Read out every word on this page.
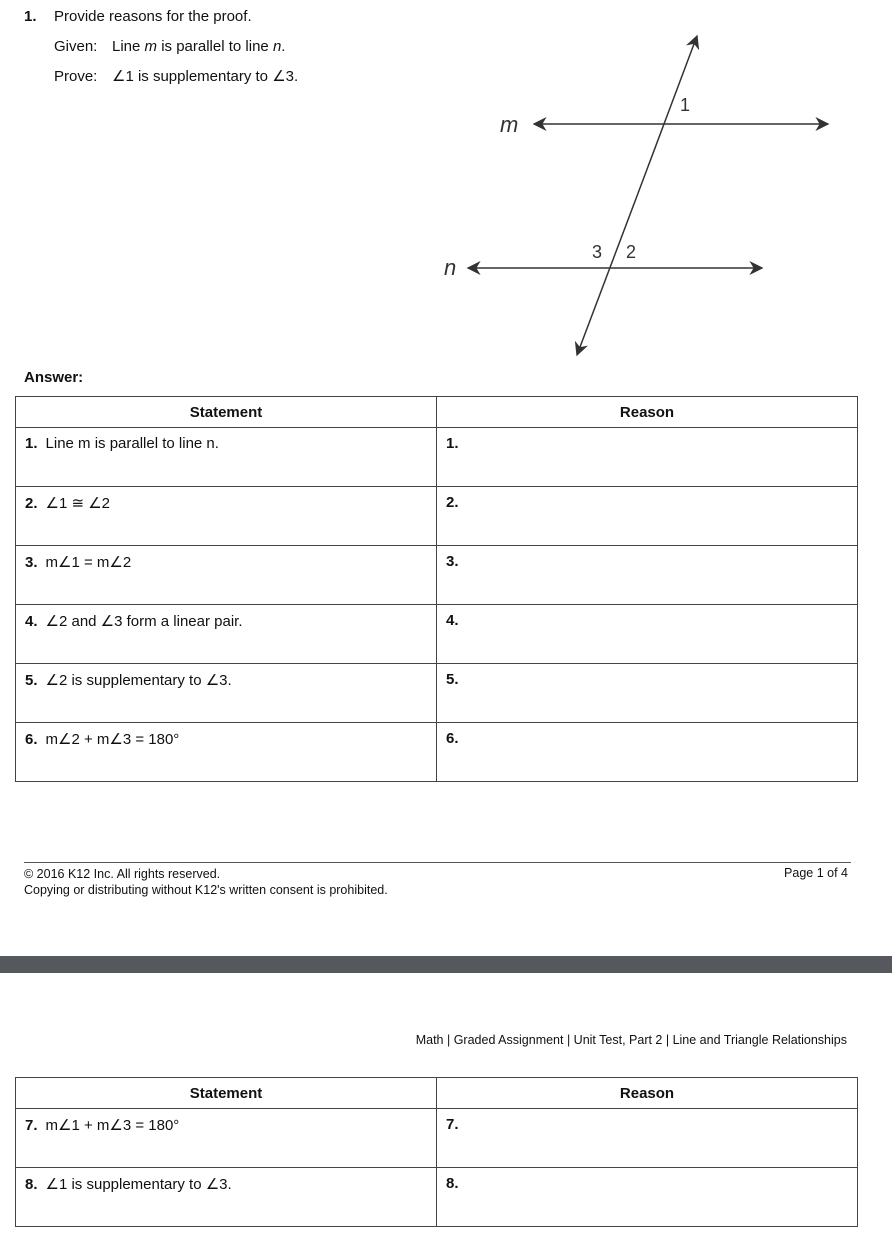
1. Provide reasons for the proof.
Given: Line m is parallel to line n.
Prove: ∠1 is supplementary to ∠3.
m
n
1
2
3
Answer:
Statement	Reason
1. Line m is parallel to line n.	1.
2. ∠1 ≅ ∠2	2.
3. m∠1 = m∠2	3.
4. ∠2 and ∠3 form a linear pair.	4.
5. ∠2 is supplementary to ∠3.	5.
6. m∠2 + m∠3 = 180°	6.
© 2016 K12 Inc. All rights reserved.
Copying or distributing without K12's written consent is prohibited.
Page 1 of 4
Math | Graded Assignment | Unit Test, Part 2 | Line and Triangle Relationships
Statement	Reason
7. m∠1 + m∠3 = 180°	7.
8. ∠1 is supplementary to ∠3.	8.
